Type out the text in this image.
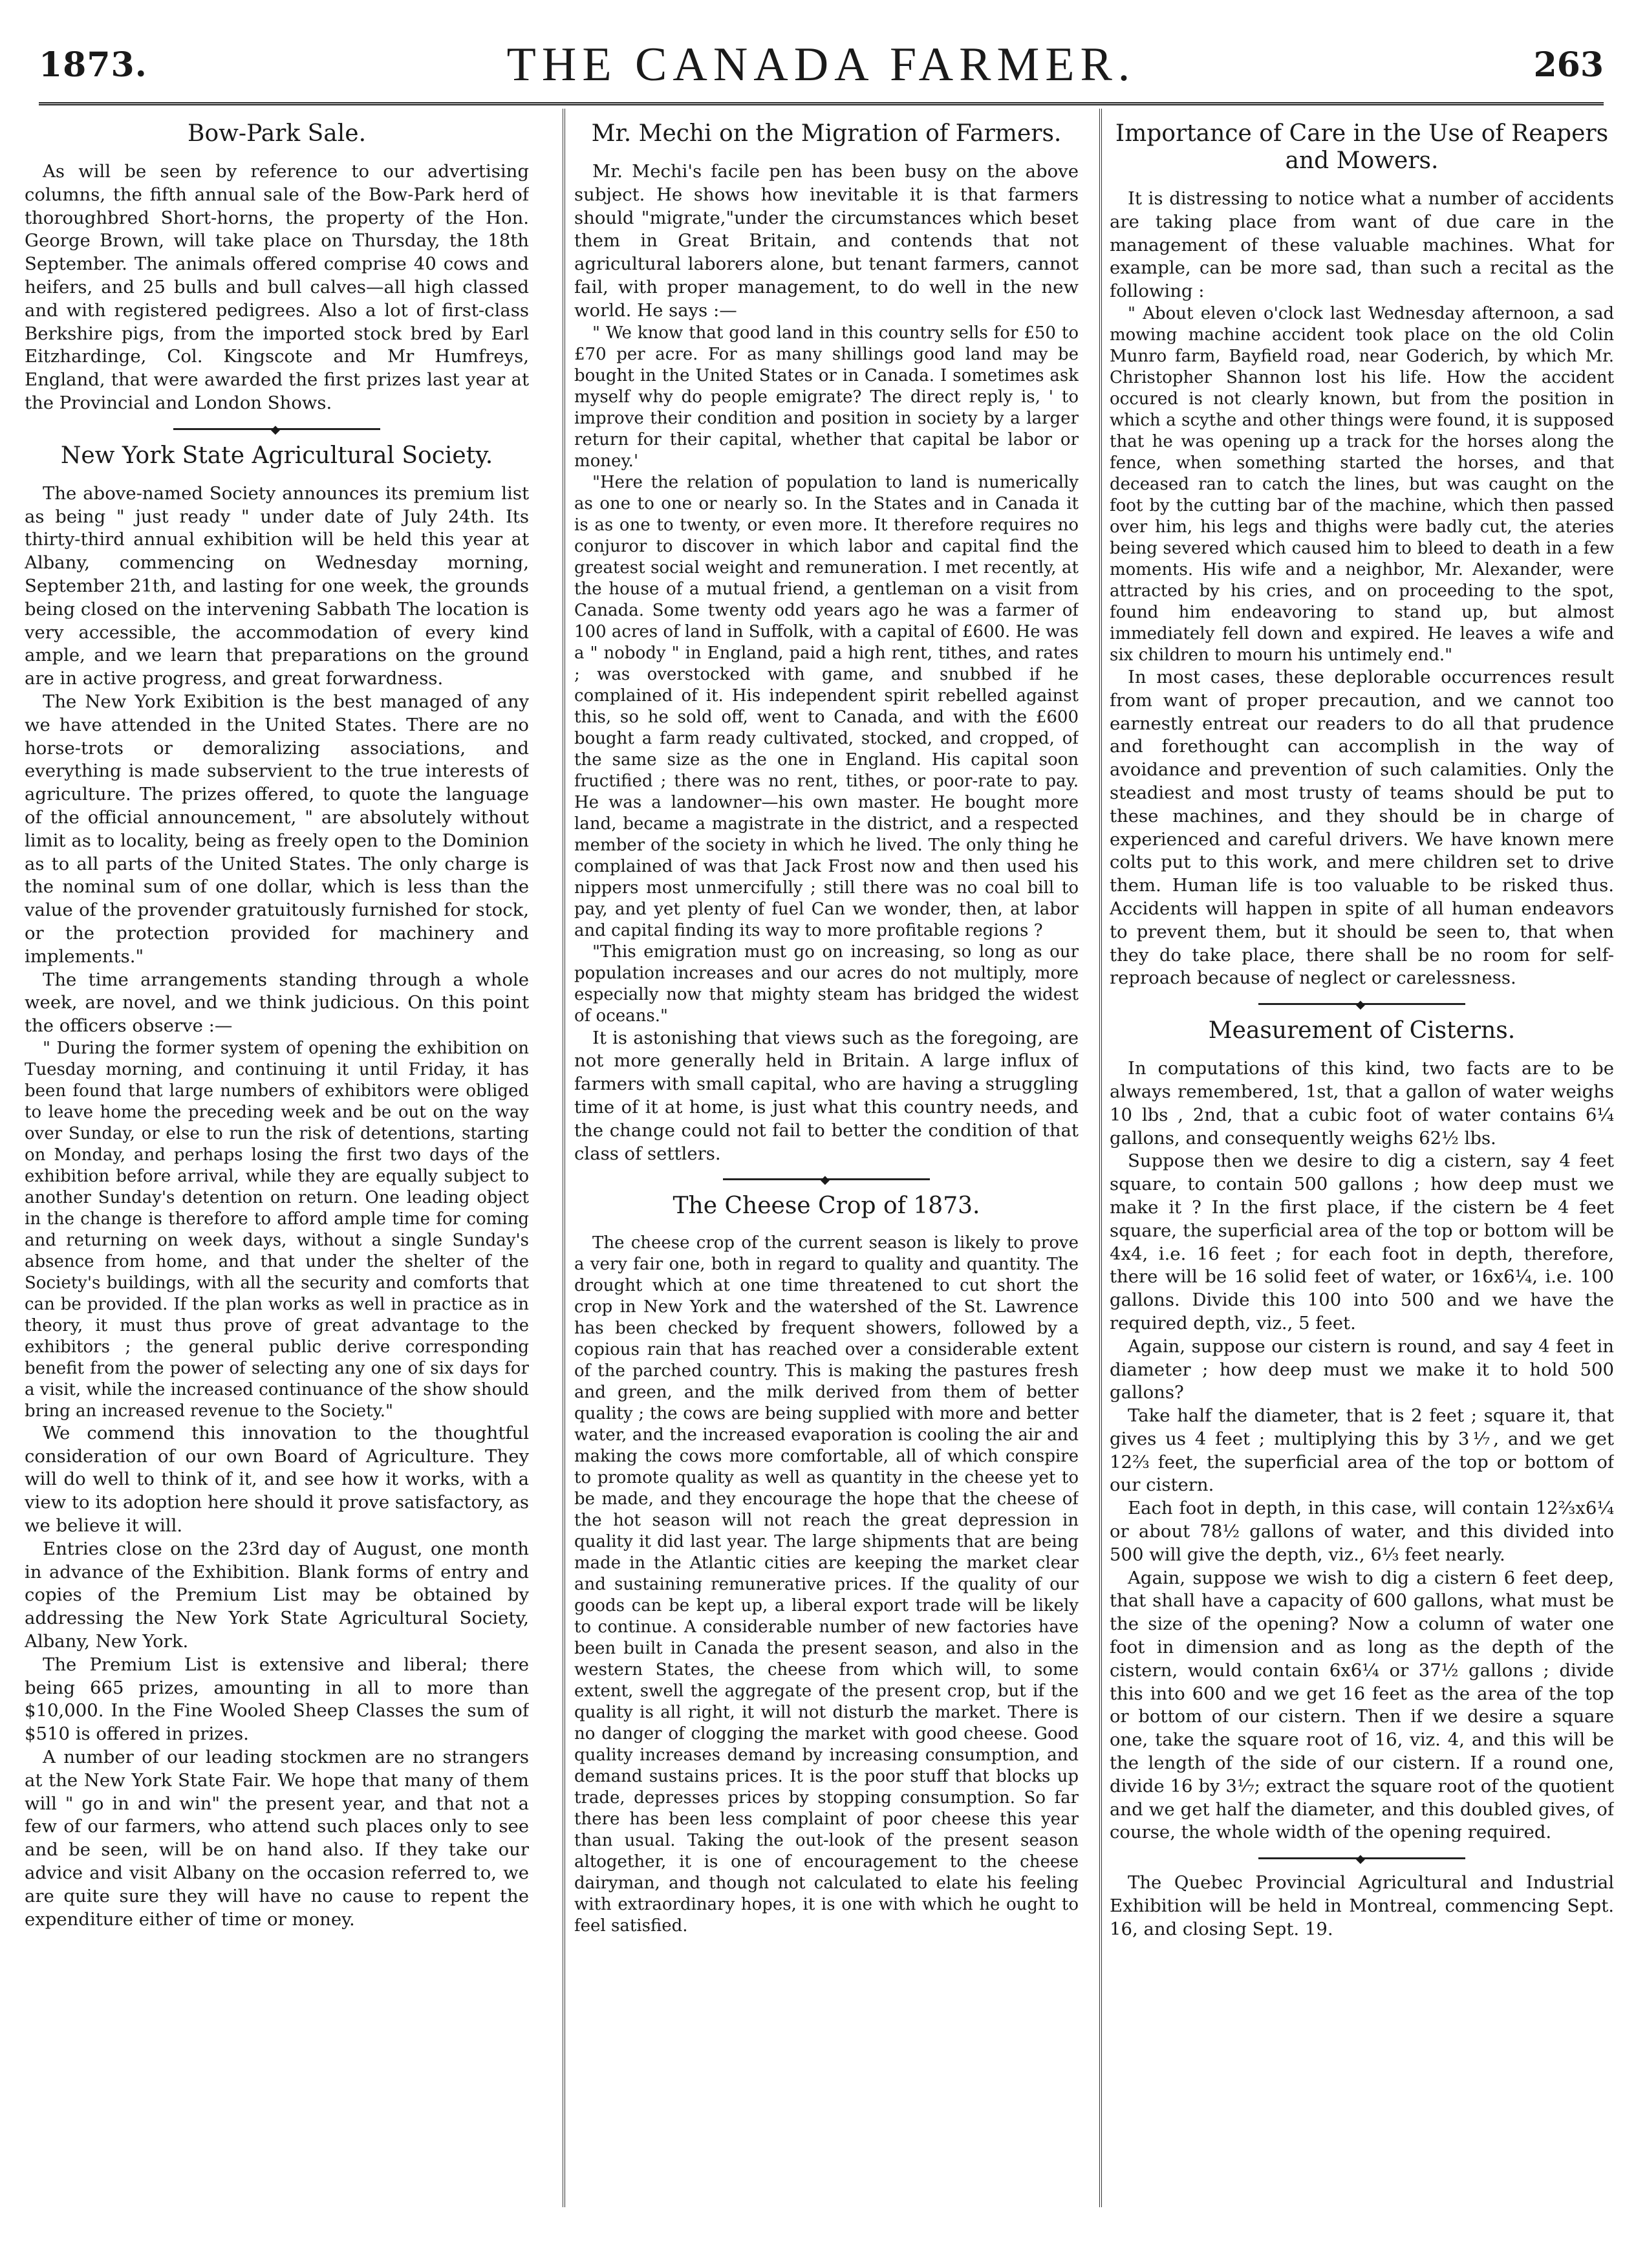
1873.	THE CANADA FARMER.	263
Bow-Park Sale.

As will be seen by reference to our advertising columns, the fifth annual sale of the Bow-Park herd of thoroughbred Short-horns, the property of the Hon. George Brown, will take place on Thursday, the 18th September. The animals offered comprise 40 cows and heifers, and 25 bulls and bull calves—all high classed and with registered pedigrees. Also a lot of first-class Berkshire pigs, from the imported stock bred by Earl Eitzhardinge, Col. Kingscote and Mr Humfreys, England, that were awarded the first prizes last year at the Provincial and London Shows.

◆
New York State Agricultural Society.

The above-named Society announces its premium list as being " just ready " under date of July 24th. Its thirty-third annual exhibition will be held this year at Albany, commencing on Wednesday morning, September 21th, and lasting for one week, the grounds being closed on the intervening Sabbath The location is very accessible, the accommodation of every kind ample, and we learn that preparations on the ground are in active progress, and great forwardness.

The New York Exibition is the best managed of any we have attended in the United States. There are no horse-trots or demoralizing associations, and everything is made subservient to the true interests of agriculture. The prizes offered, to quote the language of the official announcement, " are absolutely without limit as to locality, being as freely open to the Dominion as to all parts of the United States. The only charge is the nominal sum of one dollar, which is less than the value of the provender gratuitously furnished for stock, or the protection provided for machinery and implements."

The time arrangements standing through a whole week, are novel, and we think judicious. On this point the officers observe :—

" During the former system of opening the exhibition on Tuesday morning, and continuing it until Friday, it has been found that large numbers of exhibitors were obliged to leave home the preceding week and be out on the way over Sunday, or else to run the risk of detentions, starting on Monday, and perhaps losing the first two days of the exhibition before arrival, while they are equally subject to another Sunday's detention on return. One leading object in the change is therefore to afford ample time for coming and returning on week days, without a single Sunday's absence from home, and that under the shelter of the Society's buildings, with all the security and comforts that can be provided. If the plan works as well in practice as in theory, it must thus prove of great advantage to the exhibitors ; the general public derive corresponding benefit from the power of selecting any one of six days for a visit, while the increased continuance of the show should bring an increased revenue to the Society."

We commend this innovation to the thoughtful consideration of our own Board of Agriculture. They will do well to think of it, and see how it works, with a view to its adoption here should it prove satisfactory, as we believe it will.

Entries close on the 23rd day of August, one month in advance of the Exhibition. Blank forms of entry and copies of the Premium List may be obtained by addressing the New York State Agricultural Society, Albany, New York.

The Premium List is extensive and liberal; there being 665 prizes, amounting in all to more than $10,000. In the Fine Wooled Sheep Classes the sum of $510 is offered in prizes.

A number of our leading stockmen are no strangers at the New York State Fair. We hope that many of them will " go in and win" the present year, and that not a few of our farmers, who attend such places only to see and be seen, will be on hand also. If they take our advice and visit Albany on the occasion referred to, we are quite sure they will have no cause to repent the expenditure either of time or money.

Mr. Mechi on the Migration of Farmers.

Mr. Mechi's facile pen has been busy on the above subject. He shows how inevitable it is that farmers should "migrate,"under the circumstances which beset them in Great Britain, and contends that not agricultural laborers alone, but tenant farmers, cannot fail, with proper management, to do well in the new world. He says :—

" We know that good land in this country sells for £50 to £70 per acre. For as many shillings good land may be bought in the United States or in Canada. I sometimes ask myself why do people emigrate? The direct reply is, ' to improve their condition and position in society by a larger return for their capital, whether that capital be labor or money.'

"Here the relation of population to land is numerically as one to one or nearly so. In the States and in Canada it is as one to twenty, or even more. It therefore requires no conjuror to discover in which labor and capital find the greatest social weight and remuneration. I met recently, at the house of a mutual friend, a gentleman on a visit from Canada. Some twenty odd years ago he was a farmer of 100 acres of land in Suffolk, with a capital of £600. He was a " nobody " in England, paid a high rent, tithes, and rates ; was overstocked with game, and snubbed if he complained of it. His independent spirit rebelled against this, so he sold off, went to Canada, and with the £600 bought a farm ready cultivated, stocked, and cropped, of the same size as the one in England. His capital soon fructified ; there was no rent, tithes, or poor-rate to pay. He was a landowner—his own master. He bought more land, became a magistrate in the district, and a respected member of the society in which he lived. The only thing he complained of was that Jack Frost now and then used his nippers most unmercifully ; still there was no coal bill to pay, and yet plenty of fuel Can we wonder, then, at labor and capital finding its way to more profitable regions ?

"This emigration must go on increasing, so long as our population increases and our acres do not multiply, more especially now that mighty steam has bridged the widest of oceans."

It is astonishing that views such as the foregoing, are not more generally held in Britain. A large influx of farmers with small capital, who are having a struggling time of it at home, is just what this country needs, and the change could not fail to better the condition of that class of settlers.

◆
The Cheese Crop of 1873.

The cheese crop of the current season is likely to prove a very fair one, both in regard to quality and quantity. The drought which at one time threatened to cut short the crop in New York and the watershed of the St. Lawrence has been checked by frequent showers, followed by a copious rain that has reached over a considerable extent of the parched country. This is making the pastures fresh and green, and the milk derived from them of better quality ; the cows are being supplied with more and better water, and the increased evaporation is cooling the air and making the cows more comfortable, all of which conspire to promote quality as well as quantity in the cheese yet to be made, and they encourage the hope that the cheese of the hot season will not reach the great depression in quality it did last year. The large shipments that are being made in the Atlantic cities are keeping the market clear and sustaining remunerative prices. If the quality of our goods can be kept up, a liberal export trade will be likely to continue. A considerable number of new factories have been built in Canada the present season, and also in the western States, the cheese from which will, to some extent, swell the aggregate of the present crop, but if the quality is all right, it will not disturb the market. There is no danger of clogging the market with good cheese. Good quality increases demand by increasing consumption, and demand sustains prices. It is the poor stuff that blocks up trade, depresses prices by stopping consumption. So far there has been less complaint of poor cheese this year than usual. Taking the out-look of the present season altogether, it is one of encouragement to the cheese dairyman, and though not calculated to elate his feeling with extraordinary hopes, it is one with which he ought to feel satisfied.

Importance of Care in the Use of Reapers and Mowers.

It is distressing to notice what a number of accidents are taking place from want of due care in the management of these valuable machines. What for example, can be more sad, than such a recital as the following :

" About eleven o'clock last Wednesday afternoon, a sad mowing machine accident took place on the old Colin Munro farm, Bayfield road, near Goderich, by which Mr. Christopher Shannon lost his life. How the accident occured is not clearly known, but from the position in which a scythe and other things were found, it is supposed that he was opening up a track for the horses along the fence, when something started the horses, and that deceased ran to catch the lines, but was caught on the foot by the cutting bar of the machine, which then passed over him, his legs and thighs were badly cut, the ateries being severed which caused him to bleed to death in a few moments. His wife and a neighbor, Mr. Alexander, were attracted by his cries, and on proceeding to the spot, found him endeavoring to stand up, but almost immediately fell down and expired. He leaves a wife and six children to mourn his untimely end."

In most cases, these deplorable occurrences result from want of proper precaution, and we cannot too earnestly entreat our readers to do all that prudence and forethought can accomplish in the way of avoidance and prevention of such calamities. Only the steadiest and most trusty of teams should be put to these machines, and they should be in charge of experienced and careful drivers. We have known mere colts put to this work, and mere children set to drive them. Human life is too valuable to be risked thus. Accidents will happen in spite of all human endeavors to prevent them, but it should be seen to, that when they do take place, there shall be no room for self-reproach because of neglect or carelessness.

◆
Measurement of Cisterns.

In computations of this kind, two facts are to be always remembered, 1st, that a gallon of water weighs 10 lbs , 2nd, that a cubic foot of water contains 6¼ gallons, and consequently weighs 62½ lbs.

Suppose then we desire to dig a cistern, say 4 feet square, to contain 500 gallons ; how deep must we make it ? In the first place, if the cistern be 4 feet square, the superficial area of the top or bottom will be 4x4, i.e. 16 feet ; for each foot in depth, therefore, there will be 16 solid feet of water, or 16x6¼, i.e. 100 gallons. Divide this 100 into 500 and we have the required depth, viz., 5 feet.

Again, suppose our cistern is round, and say 4 feet in diameter ; how deep must we make it to hold 500 gallons?

Take half the diameter, that is 2 feet ; square it, that gives us 4 feet ; multiplying this by 3⅐, and we get 12⅔ feet, the superficial area of the top or bottom of our cistern.

Each foot in depth, in this case, will contain 12⅔x6¼ or about 78½ gallons of water, and this divided into 500 will give the depth, viz., 6⅓ feet nearly.

Again, suppose we wish to dig a cistern 6 feet deep, that shall have a capacity of 600 gallons, what must be the size of the opening? Now a column of water one foot in dimension and as long as the depth of the cistern, would contain 6x6¼ or 37½ gallons ; divide this into 600 and we get 16 feet as the area of the top or bottom of our cistern. Then if we desire a square one, take the square root of 16, viz. 4, and this will be the length of the side of our cistern. If a round one, divide 16 by 3⅐; extract the square root of the quotient and we get half the diameter, and this doubled gives, of course, the whole width of the opening required.

◆

The Quebec Provincial Agricultural and Industrial Exhibition will be held in Montreal, commencing Sept. 16, and closing Sept. 19.
